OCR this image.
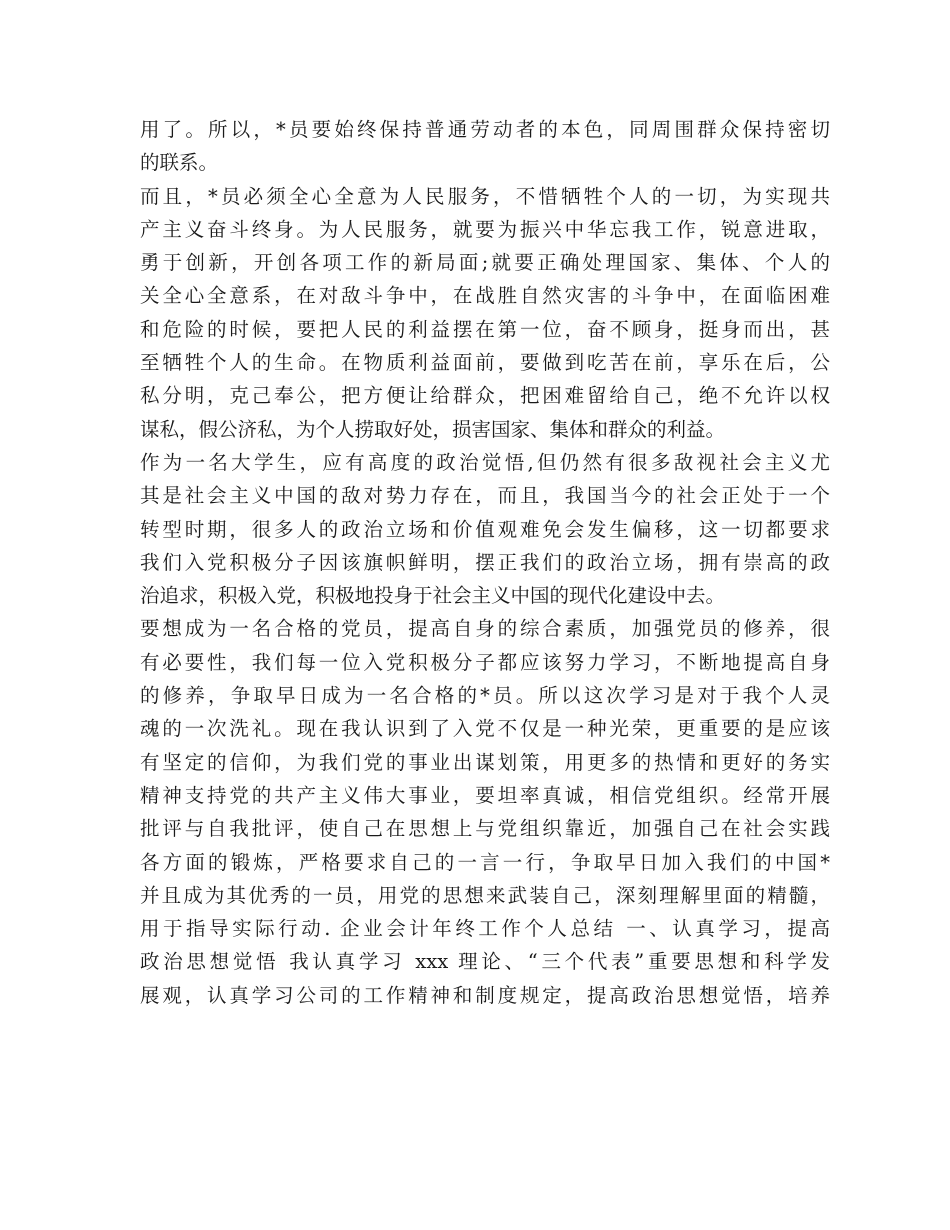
用了。所以，*员要始终保持普通劳动者的本色，同周围群众保持密切
的联系。
而且，*员必须全心全意为人民服务，不惜牺牲个人的一切，为实现共
产主义奋斗终身。为人民服务，就要为振兴中华忘我工作，锐意进取，
勇于创新，开创各项工作的新局面;就要正确处理国家、集体、个人的
关全心全意系，在对敌斗争中，在战胜自然灾害的斗争中，在面临困难
和危险的时候，要把人民的利益摆在第一位，奋不顾身，挺身而出，甚
至牺牲个人的生命。在物质利益面前，要做到吃苦在前，享乐在后，公
私分明，克己奉公，把方便让给群众，把困难留给自己，绝不允许以权
谋私，假公济私，为个人捞取好处，损害国家、集体和群众的利益。
作为一名大学生，应有高度的政治觉悟,但仍然有很多敌视社会主义尤
其是社会主义中国的敌对势力存在，而且，我国当今的社会正处于一个
转型时期，很多人的政治立场和价值观难免会发生偏移，这一切都要求
我们入党积极分子因该旗帜鲜明，摆正我们的政治立场，拥有崇高的政
治追求，积极入党，积极地投身于社会主义中国的现代化建设中去。
要想成为一名合格的党员，提高自身的综合素质，加强党员的修养，很
有必要性，我们每一位入党积极分子都应该努力学习，不断地提高自身
的修养，争取早日成为一名合格的*员。所以这次学习是对于我个人灵
魂的一次洗礼。现在我认识到了入党不仅是一种光荣，更重要的是应该
有坚定的信仰，为我们党的事业出谋划策，用更多的热情和更好的务实
精神支持党的共产主义伟大事业，要坦率真诚，相信党组织。经常开展
批评与自我批评，使自己在思想上与党组织靠近，加强自己在社会实践
各方面的锻炼，严格要求自己的一言一行，争取早日加入我们的中国*
并且成为其优秀的一员，用党的思想来武装自己，深刻理解里面的精髓，
用于指导实际行动. 企业会计年终工作个人总结 一、认真学习，提高
政治思想觉悟 我认真学习 xxx 理论、“三个代表”重要思想和科学发
展观，认真学习公司的工作精神和制度规定，提高政治思想觉悟，培养
